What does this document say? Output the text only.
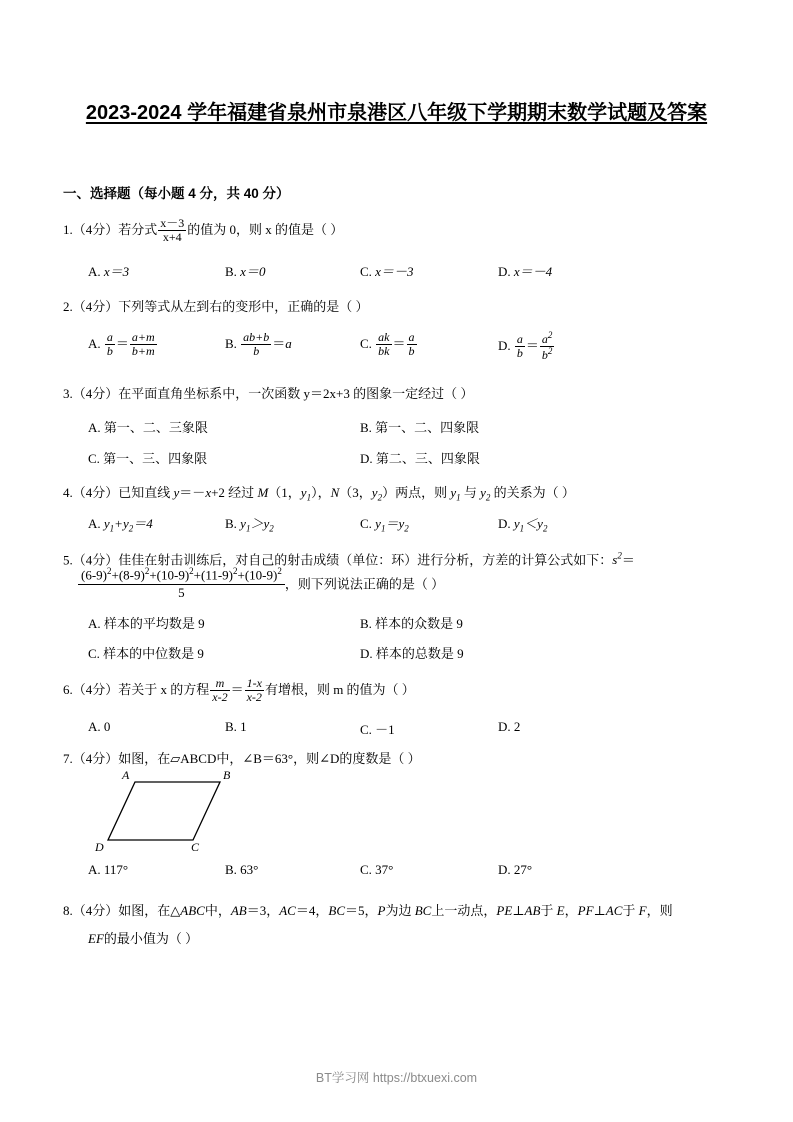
2023-2024 学年福建省泉州市泉港区八年级下学期期末数学试题及答案
一、选择题（每小题 4 分，共 40 分）
1.（4分）若分式 $\frac{x-3}{x+4}$ 的值为 0，则 x 的值是（ ）
A. x＝3	B. x＝0	C. x＝－3	D. x＝－4
2.（4分）下列等式从左到右的变形中，正确的是（ ）
A. $\frac{a}{b} = \frac{a+m}{b+m}$	B. $\frac{ab+b}{b} =a$	C. $\frac{ak}{bk} = \frac{a}{b}$	D. $\frac{a}{b} = \frac{a^2}{b^2}$
3.（4分）在平面直角坐标系中，一次函数 y＝2x+3 的图象一定经过（ ）
A. 第一、二、三象限	B. 第一、二、四象限
C. 第一、三、四象限	D. 第二、三、四象限
4.（4分）已知直线 y＝－x+2 经过 M（1，$y_1$），N（3，$y_2$）两点，则 $y_1$ 与 $y_2$ 的关系为（ ）
A. $y_1+y_2=4$	B. $y_1>y_2$	C. $y_1=y_2$	D. $y_1<y_2$
5.（4分）佳佳在射击训练后，对自己的射击成绩（单位：环）进行分析，方差的计算公式如下：$s^2=$
$\frac{(6-9)^2+(8-9)^2+(10-9)^2+(11-9)^2+(10-9)^2}{5}$ ，则下列说法正确的是（ ）
A. 样本的平均数是 9	B. 样本的众数是 9
C. 样本的中位数是 9	D. 样本的总数是 9
6.（4分）若关于 x 的方程 $\frac{m}{x-2} = \frac{1-x}{x-2}$ 有增根，则 m 的值为（ ）
A. 0	B. 1	C. －1	D. 2
7.（4分）如图，在▱ABCD中，∠B＝63°，则∠D的度数是（ ）
A	B
C
D
A. 117°	B. 63°	C. 37°	D. 27°
8.（4分）如图，在△ABC中，AB＝3，AC＝4，BC＝5，P为边 BC上一动点，PE⊥AB于 E，PF⊥AC于 F，则
EF的最小值为（ ）
BT学习网 https://btxuexi.com
